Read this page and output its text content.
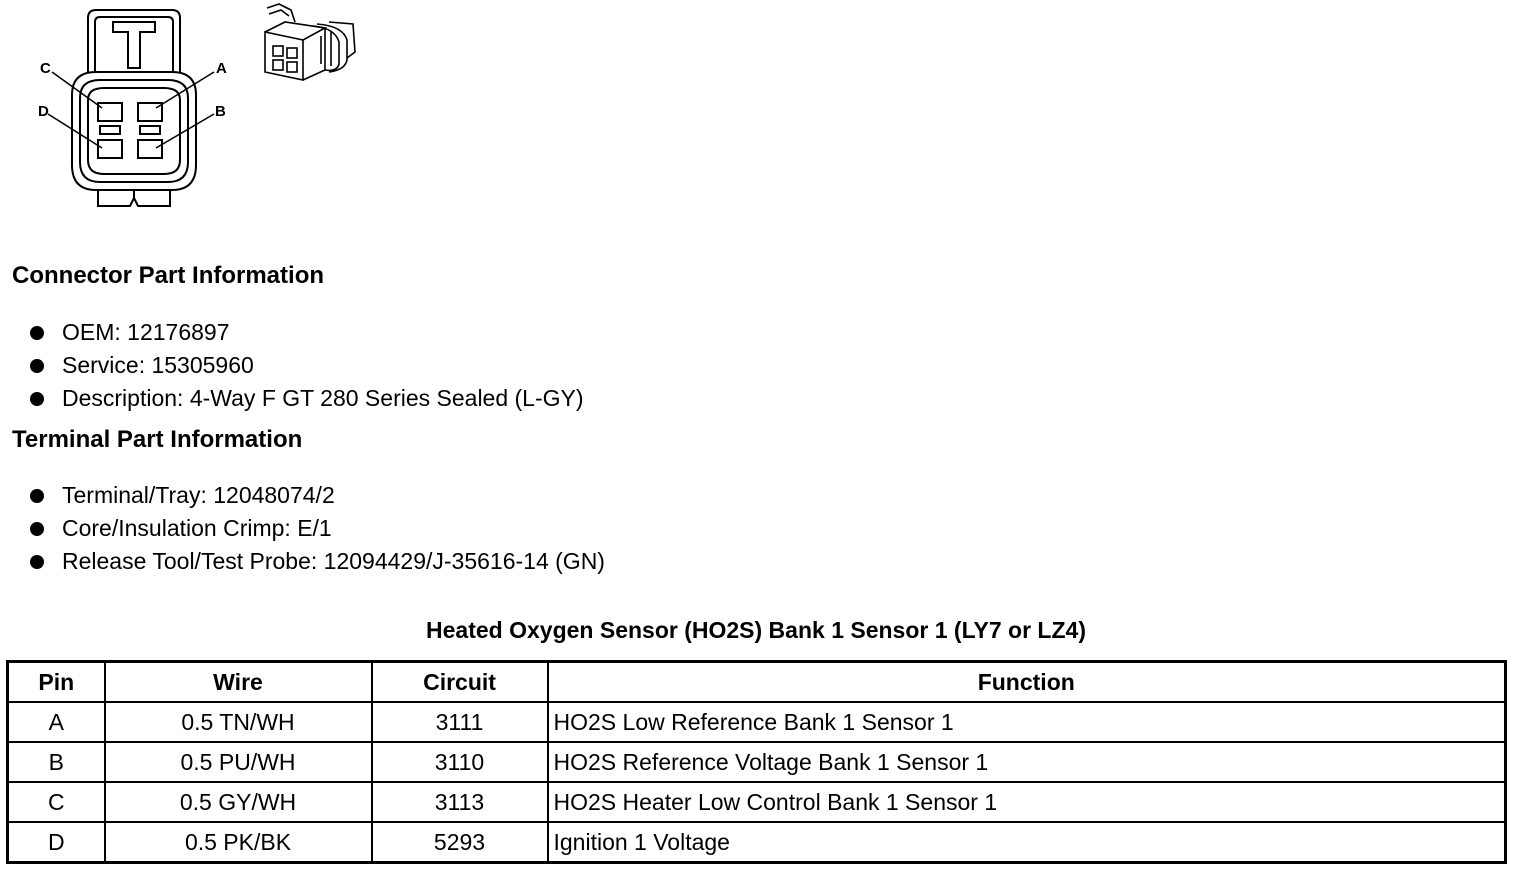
A
B
C
D
Connector Part Information
OEM: 12176897
Service: 15305960
Description: 4-Way F GT 280 Series Sealed (L-GY)
Terminal Part Information
Terminal/Tray: 12048074/2
Core/Insulation Crimp: E/1
Release Tool/Test Probe: 12094429/J-35616-14 (GN)
Heated Oxygen Sensor (HO2S) Bank 1 Sensor 1 (LY7 or LZ4)
Pin	Wire	Circuit	Function
A	0.5 TN/WH	3111	HO2S Low Reference Bank 1 Sensor 1
B	0.5 PU/WH	3110	HO2S Reference Voltage Bank 1 Sensor 1
C	0.5 GY/WH	3113	HO2S Heater Low Control Bank 1 Sensor 1
D	0.5 PK/BK	5293	Ignition 1 Voltage
